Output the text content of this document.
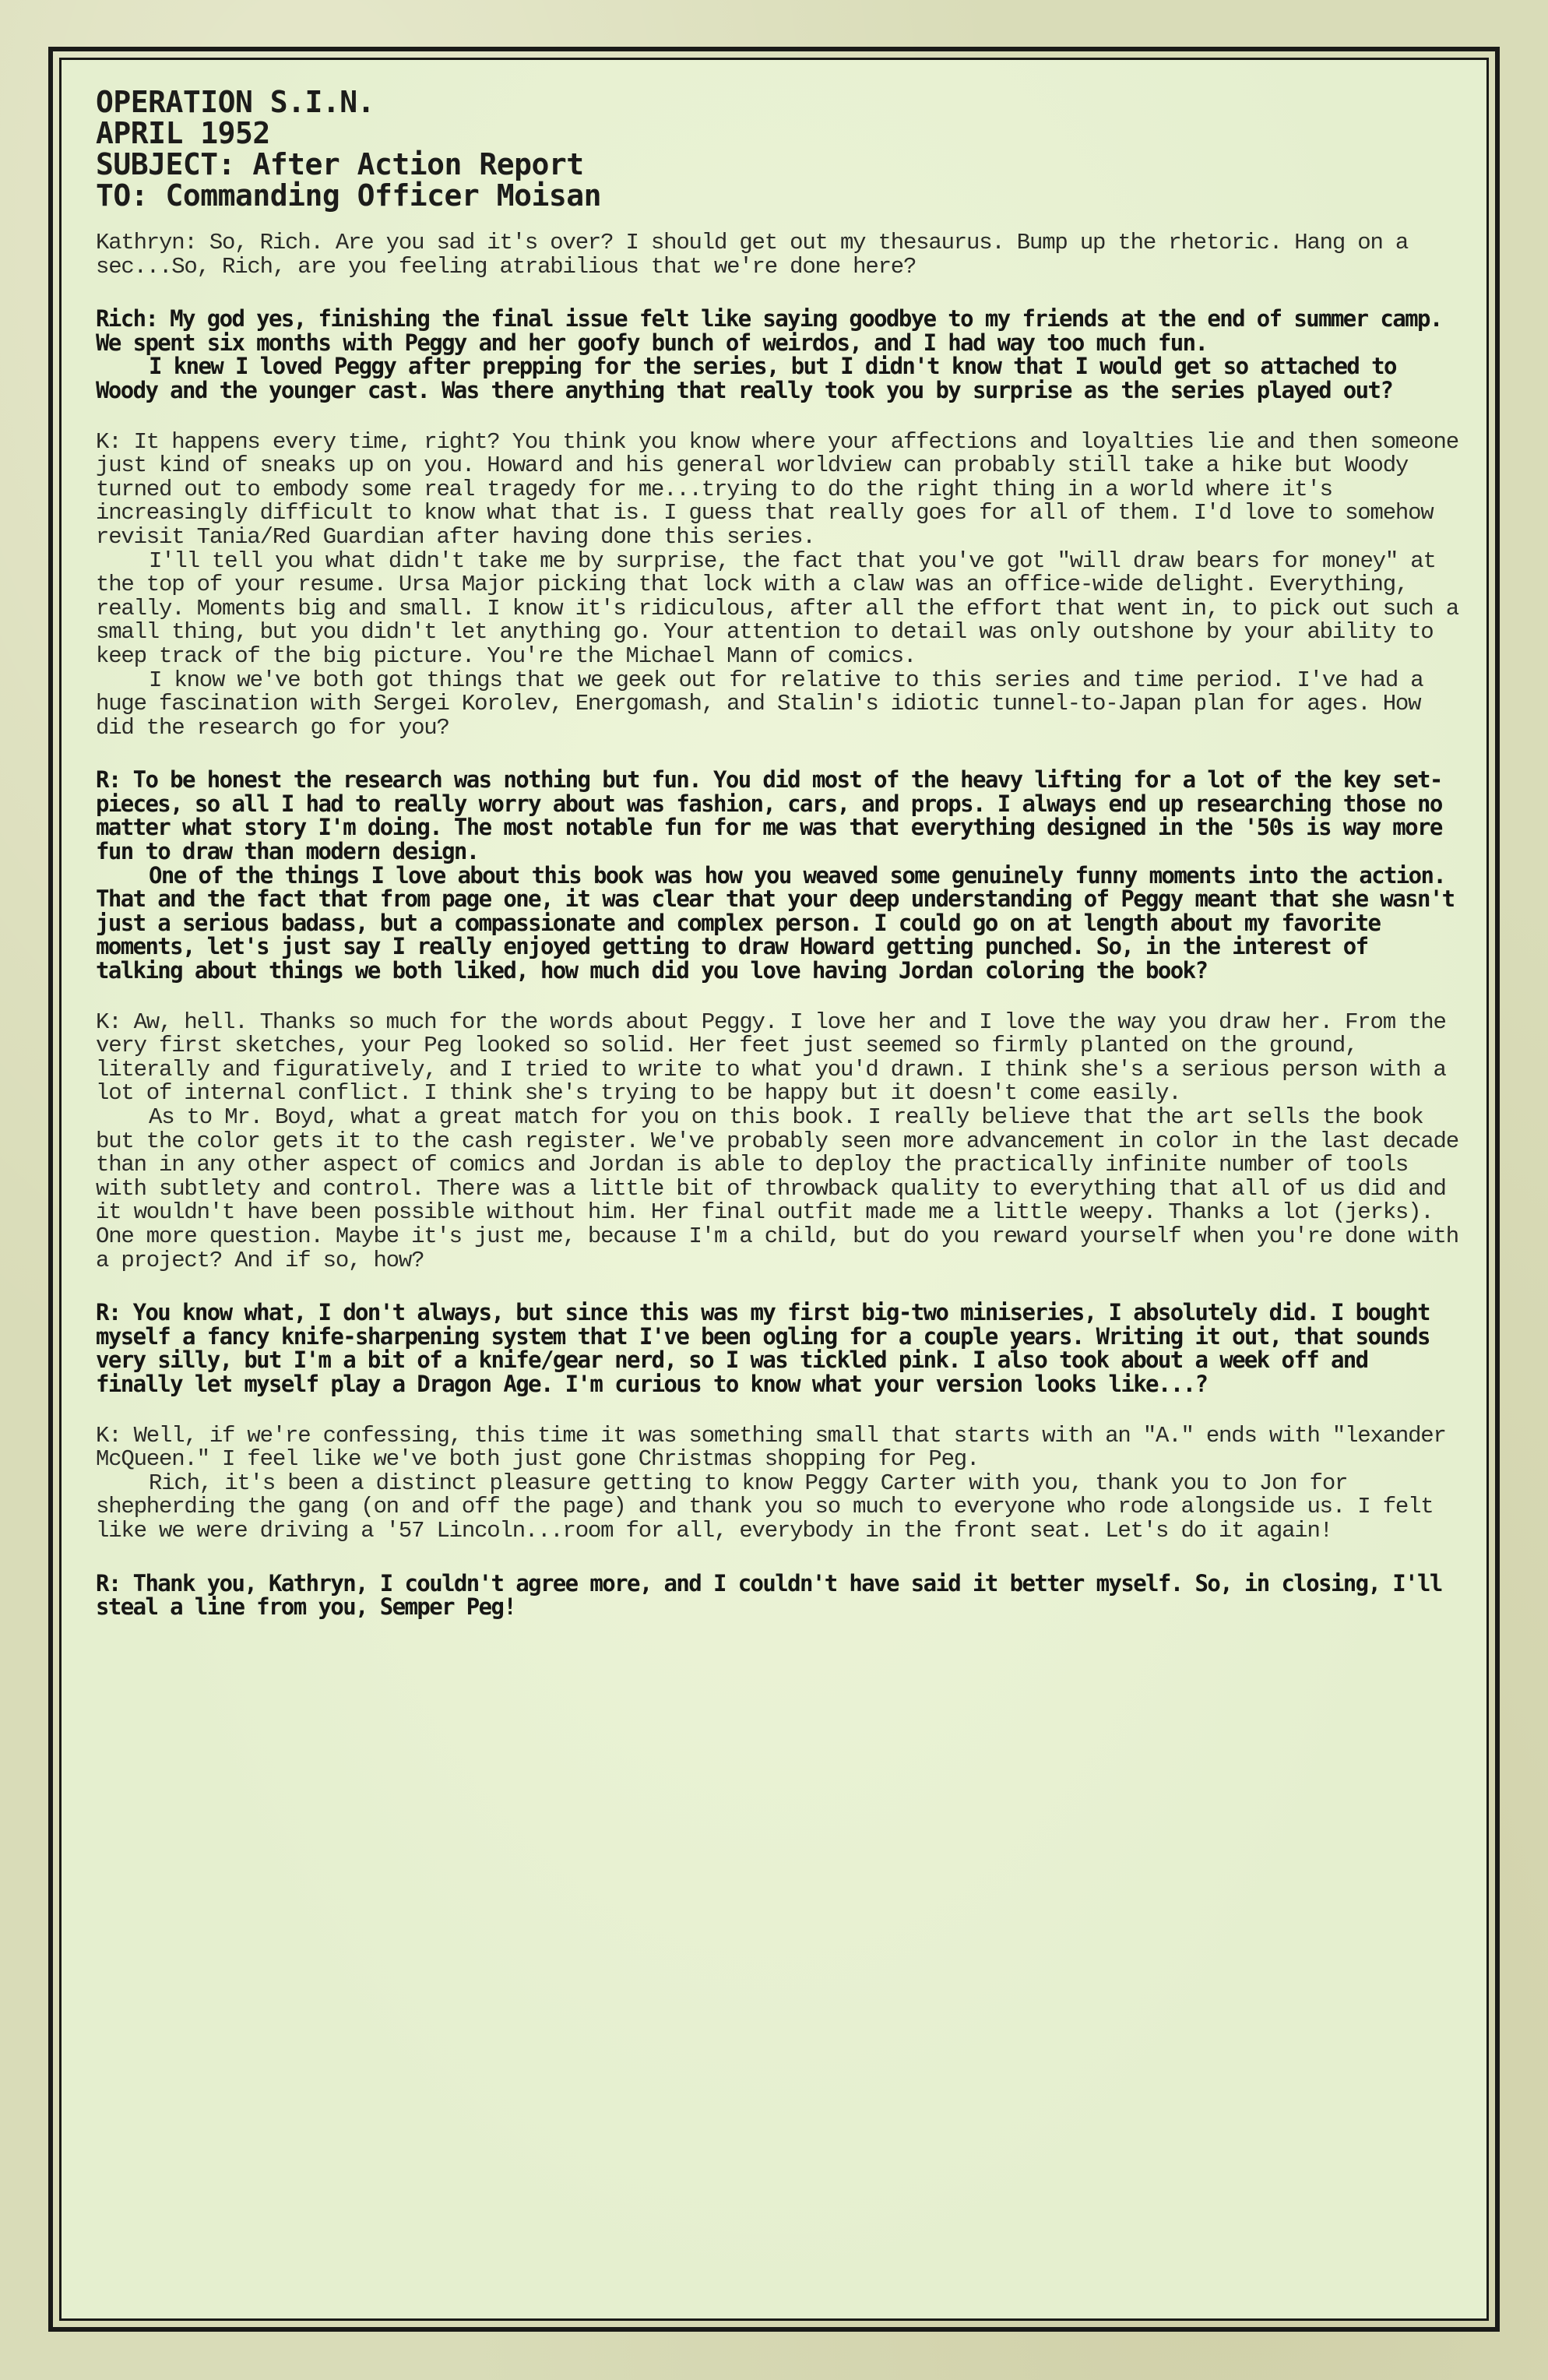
OPERATION S.I.N.
APRIL 1952
SUBJECT: After Action Report
TO: Commanding Officer Moisan

Kathryn: So, Rich. Are you sad it's over? I should get out my thesaurus. Bump up the rhetoric. Hang on a sec...So, Rich, are you feeling atrabilious that we're done here?

Rich: My god yes, finishing the final issue felt like saying goodbye to my friends at the end of summer camp. We spent six months with Peggy and her goofy bunch of weirdos, and I had way too much fun.

I knew I loved Peggy after prepping for the series, but I didn't know that I would get so attached to Woody and the younger cast. Was there anything that really took you by surprise as the series played out?

K: It happens every time, right? You think you know where your affections and loyalties lie and then someone just kind of sneaks up on you. Howard and his general worldview can probably still take a hike but Woody turned out to embody some real tragedy for me...trying to do the right thing in a world where it's increasingly difficult to know what that is. I guess that really goes for all of them. I'd love to somehow revisit Tania/Red Guardian after having done this series.

I'll tell you what didn't take me by surprise, the fact that you've got "will draw bears for money" at the top of your resume. Ursa Major picking that lock with a claw was an office-wide delight. Everything, really. Moments big and small. I know it's ridiculous, after all the effort that went in, to pick out such a small thing, but you didn't let anything go. Your attention to detail was only outshone by your ability to keep track of the big picture. You're the Michael Mann of comics.

I know we've both got things that we geek out for relative to this series and time period. I've had a huge fascination with Sergei Korolev, Energomash, and Stalin's idiotic tunnel-to-Japan plan for ages. How did the research go for you?

R: To be honest the research was nothing but fun. You did most of the heavy lifting for a lot of the key set-pieces, so all I had to really worry about was fashion, cars, and props. I always end up researching those no matter what story I'm doing. The most notable fun for me was that everything designed in the '50s is way more fun to draw than modern design.

One of the things I love about this book was how you weaved some genuinely funny moments into the action. That and the fact that from page one, it was clear that your deep understanding of Peggy meant that she wasn't just a serious badass, but a compassionate and complex person. I could go on at length about my favorite moments, let's just say I really enjoyed getting to draw Howard getting punched. So, in the interest of talking about things we both liked, how much did you love having Jordan coloring the book?

K: Aw, hell. Thanks so much for the words about Peggy. I love her and I love the way you draw her. From the very first sketches, your Peg looked so solid. Her feet just seemed so firmly planted on the ground, literally and figuratively, and I tried to write to what you'd drawn. I think she's a serious person with a lot of internal conflict. I think she's trying to be happy but it doesn't come easily.

As to Mr. Boyd, what a great match for you on this book. I really believe that the art sells the book but the color gets it to the cash register. We've probably seen more advancement in color in the last decade than in any other aspect of comics and Jordan is able to deploy the practically infinite number of tools with subtlety and control. There was a little bit of throwback quality to everything that all of us did and it wouldn't have been possible without him. Her final outfit made me a little weepy. Thanks a lot (jerks).

One more question. Maybe it's just me, because I'm a child, but do you reward yourself when you're done with a project? And if so, how?

R: You know what, I don't always, but since this was my first big-two miniseries, I absolutely did. I bought myself a fancy knife-sharpening system that I've been ogling for a couple years. Writing it out, that sounds very silly, but I'm a bit of a knife/gear nerd, so I was tickled pink. I also took about a week off and finally let myself play a Dragon Age. I'm curious to know what your version looks like...?

K: Well, if we're confessing, this time it was something small that starts with an "A." ends with "lexander McQueen." I feel like we've both just gone Christmas shopping for Peg.

Rich, it's been a distinct pleasure getting to know Peggy Carter with you, thank you to Jon for shepherding the gang (on and off the page) and thank you so much to everyone who rode alongside us. I felt like we were driving a '57 Lincoln...room for all, everybody in the front seat. Let's do it again!

R: Thank you, Kathryn, I couldn't agree more, and I couldn't have said it better myself. So, in closing, I'll steal a line from you, Semper Peg!
